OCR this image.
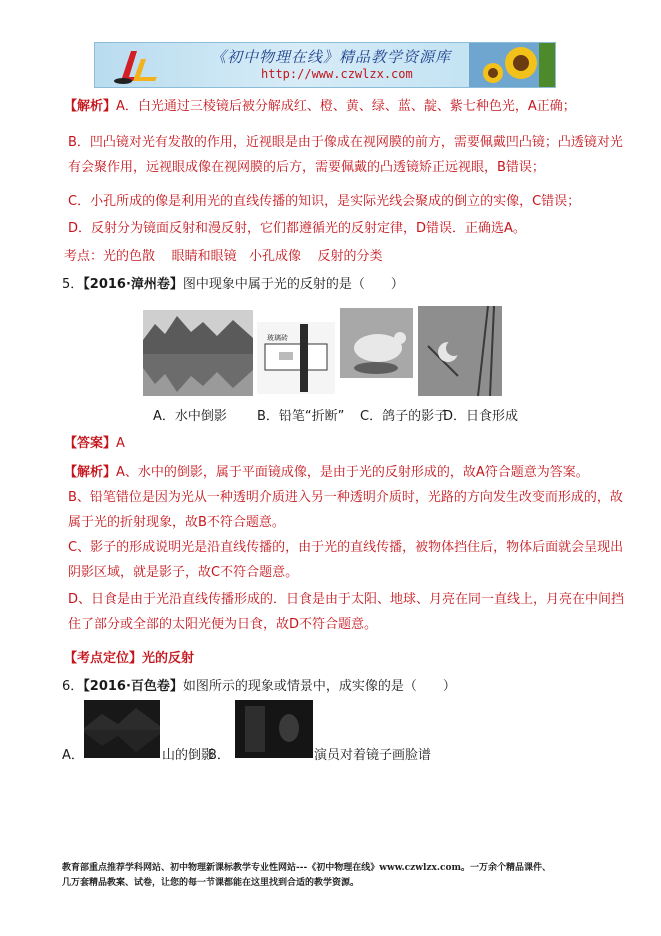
《初中物理在线》精品教学资源库
http://www.czwlzx.com
【解析】A．白光通过三棱镜后被分解成红、橙、黄、绿、蓝、靛、紫七种色光，A正确；
B．凹凸镜对光有发散的作用，近视眼是由于像成在视网膜的前方，需要佩戴凹凸镜；凸透镜对光有会聚作用，远视眼成像在视网膜的后方，需要佩戴的凸透镜矫正远视眼，B错误；
C．小孔所成的像是利用光的直线传播的知识，是实际光线会聚成的倒立的实像，C错误；
D．反射分为镜面反射和漫反射，它们都遵循光的反射定律，D错误．正确选A。
考点：光的色散 眼睛和眼镜 小孔成像 反射的分类
5．【2016·漳州卷】图中现象中属于光的反射的是（　　）
玻璃砖
A．水中倒影 B．铅笔“折断” C．鸽子的影子
D．日食形成
【答案】A
【解析】A、水中的倒影，属于平面镜成像，是由于光的反射形成的，故A符合题意为答案。
B、铅笔错位是因为光从一种透明介质进入另一种透明介质时，光路的方向发生改变而形成的，故属于光的折射现象，故B不符合题意。
C、影子的形成说明光是沿直线传播的，由于光的直线传播，被物体挡住后，物体后面就会呈现出阴影区域，就是影子，故C不符合题意。
D、日食是由于光沿直线传播形成的．日食是由于太阳、地球、月亮在同一直线上，月亮在中间挡住了部分或全部的太阳光便为日食，故D不符合题意。
【考点定位】光的反射
6．【2016·百色卷】如图所示的现象或情景中，成实像的是（　　）
A．	山的倒影
B．	演员对着镜子画脸谱
教育部重点推荐学科网站、初中物理新课标教学专业性网站---《初中物理在线》www.czwlzx.com。一万余个精品课件、
几万套精品教案、试卷，让您的每一节课都能在这里找到合适的教学资源。
